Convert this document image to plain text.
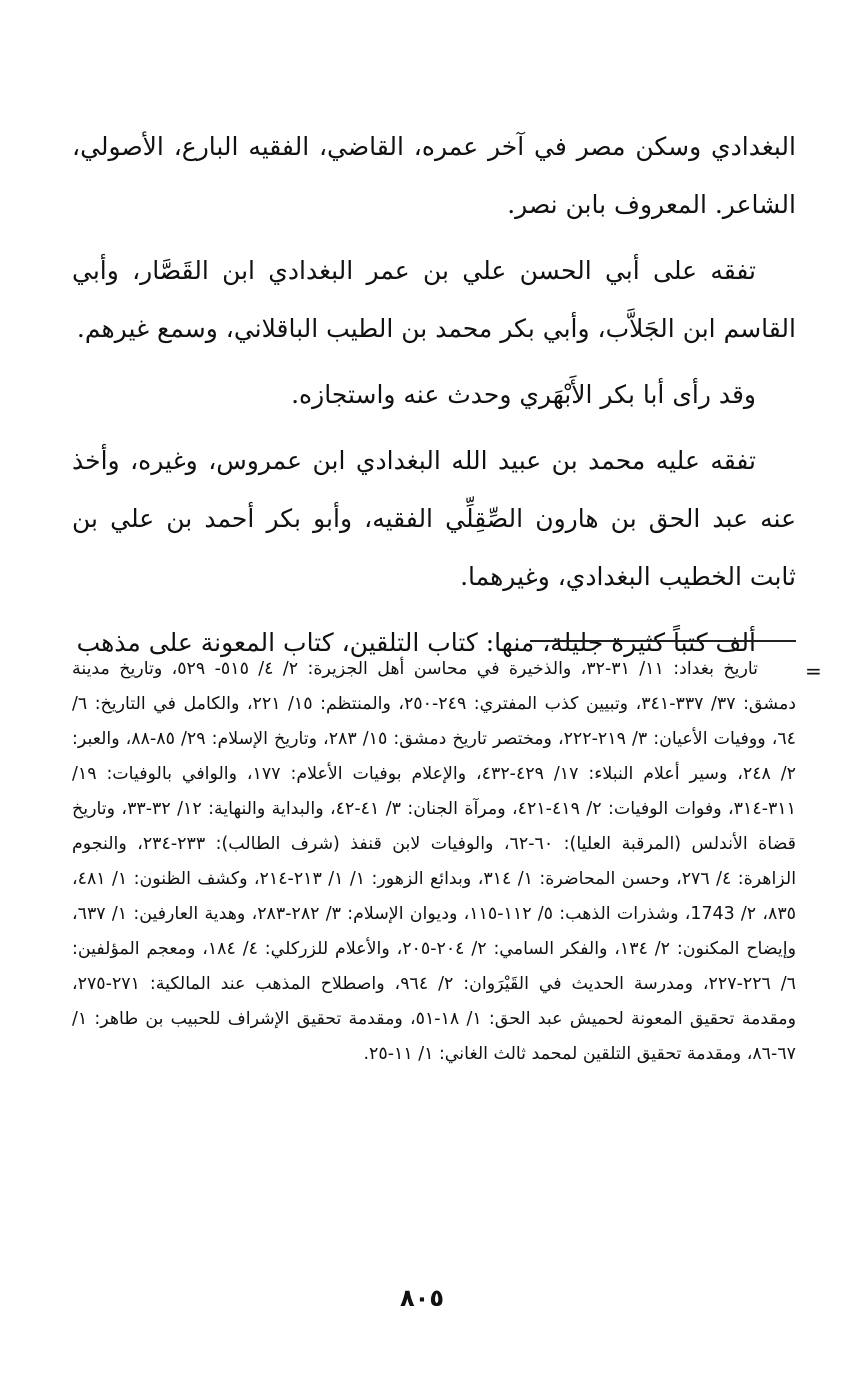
البغدادي وسكن مصر في آخر عمره، القاضي، الفقيه البارع، الأصولي، الشاعر. المعروف بابن نصر.

تفقه على أبي الحسن علي بن عمر البغدادي ابن القَصَّار، وأبي القاسم ابن الجَلاَّب، وأبي بكر محمد بن الطيب الباقلاني، وسمع غيرهم.

وقد رأى أبا بكر الأَبْهَري وحدث عنه واستجازه.

تفقه عليه محمد بن عبيد الله البغدادي ابن عمروس، وغيره، وأخذ عنه عبد الحق بن هارون الصِّقِلِّي الفقيه، وأبو بكر أحمد بن علي بن ثابت الخطيب البغدادي، وغيرهما.

ألف كتباً كثيرة جليلة، منها: كتاب التلقين، كتاب المعونة على مذهب

=

تاريخ بغداد: ١١/ ٣١-٣٢، والذخيرة في محاسن أهل الجزيرة: ٢/ ٤/ ٥١٥- ٥٢٩، وتاريخ مدينة دمشق: ٣٧/ ٣٣٧-٣٤١، وتبيين كذب المفتري: ٢٤٩-٢٥٠، والمنتظم: ١٥/ ٢٢١، والكامل في التاريخ: ٦/ ٦٤، ووفيات الأعيان: ٣/ ٢١٩-٢٢٢، ومختصر تاريخ دمشق: ١٥/ ٢٨٣، وتاريخ الإسلام: ٢٩/ ٨٥-٨٨، والعبر: ٢/ ٢٤٨، وسير أعلام النبلاء: ١٧/ ٤٢٩-٤٣٢، والإعلام بوفيات الأعلام: ١٧٧، والوافي بالوفيات: ١٩/ ٣١١-٣١٤، وفوات الوفيات: ٢/ ٤١٩-٤٢١، ومرآة الجنان: ٣/ ٤١-٤٢، والبداية والنهاية: ١٢/ ٣٢-٣٣، وتاريخ قضاة الأندلس (المرقبة العليا): ٦٠-٦٢، والوفيات لابن قنفذ (شرف الطالب): ٢٣٣-٢٣٤، والنجوم الزاهرة: ٤/ ٢٧٦، وحسن المحاضرة: ١/ ٣١٤، وبدائع الزهور: ١/ ١/ ٢١٣-٢١٤، وكشف الظنون: ١/ ٤٨١، ٨٣٥، ٢/ 1743، وشذرات الذهب: ٥/ ١١٢-١١٥، وديوان الإسلام: ٣/ ٢٨٢-٢٨٣، وهدية العارفين: ١/ ٦٣٧، وإيضاح المكنون: ٢/ ١٣٤، والفكر السامي: ٢/ ٢٠٤-٢٠٥، والأعلام للزركلي: ٤/ ١٨٤، ومعجم المؤلفين: ٦/ ٢٢٦-٢٢٧، ومدرسة الحديث في القَيْرَوان: ٢/ ٩٦٤، واصطلاح المذهب عند المالكية: ٢٧١-٢٧٥، ومقدمة تحقيق المعونة لحميش عبد الحق: ١/ ١٨-٥١، ومقدمة تحقيق الإشراف للحبيب بن طاهر: ١/ ٦٧-٨٦، ومقدمة تحقيق التلقين لمحمد ثالث الغاني: ١/ ١١-٢٥.

٨٠٥
